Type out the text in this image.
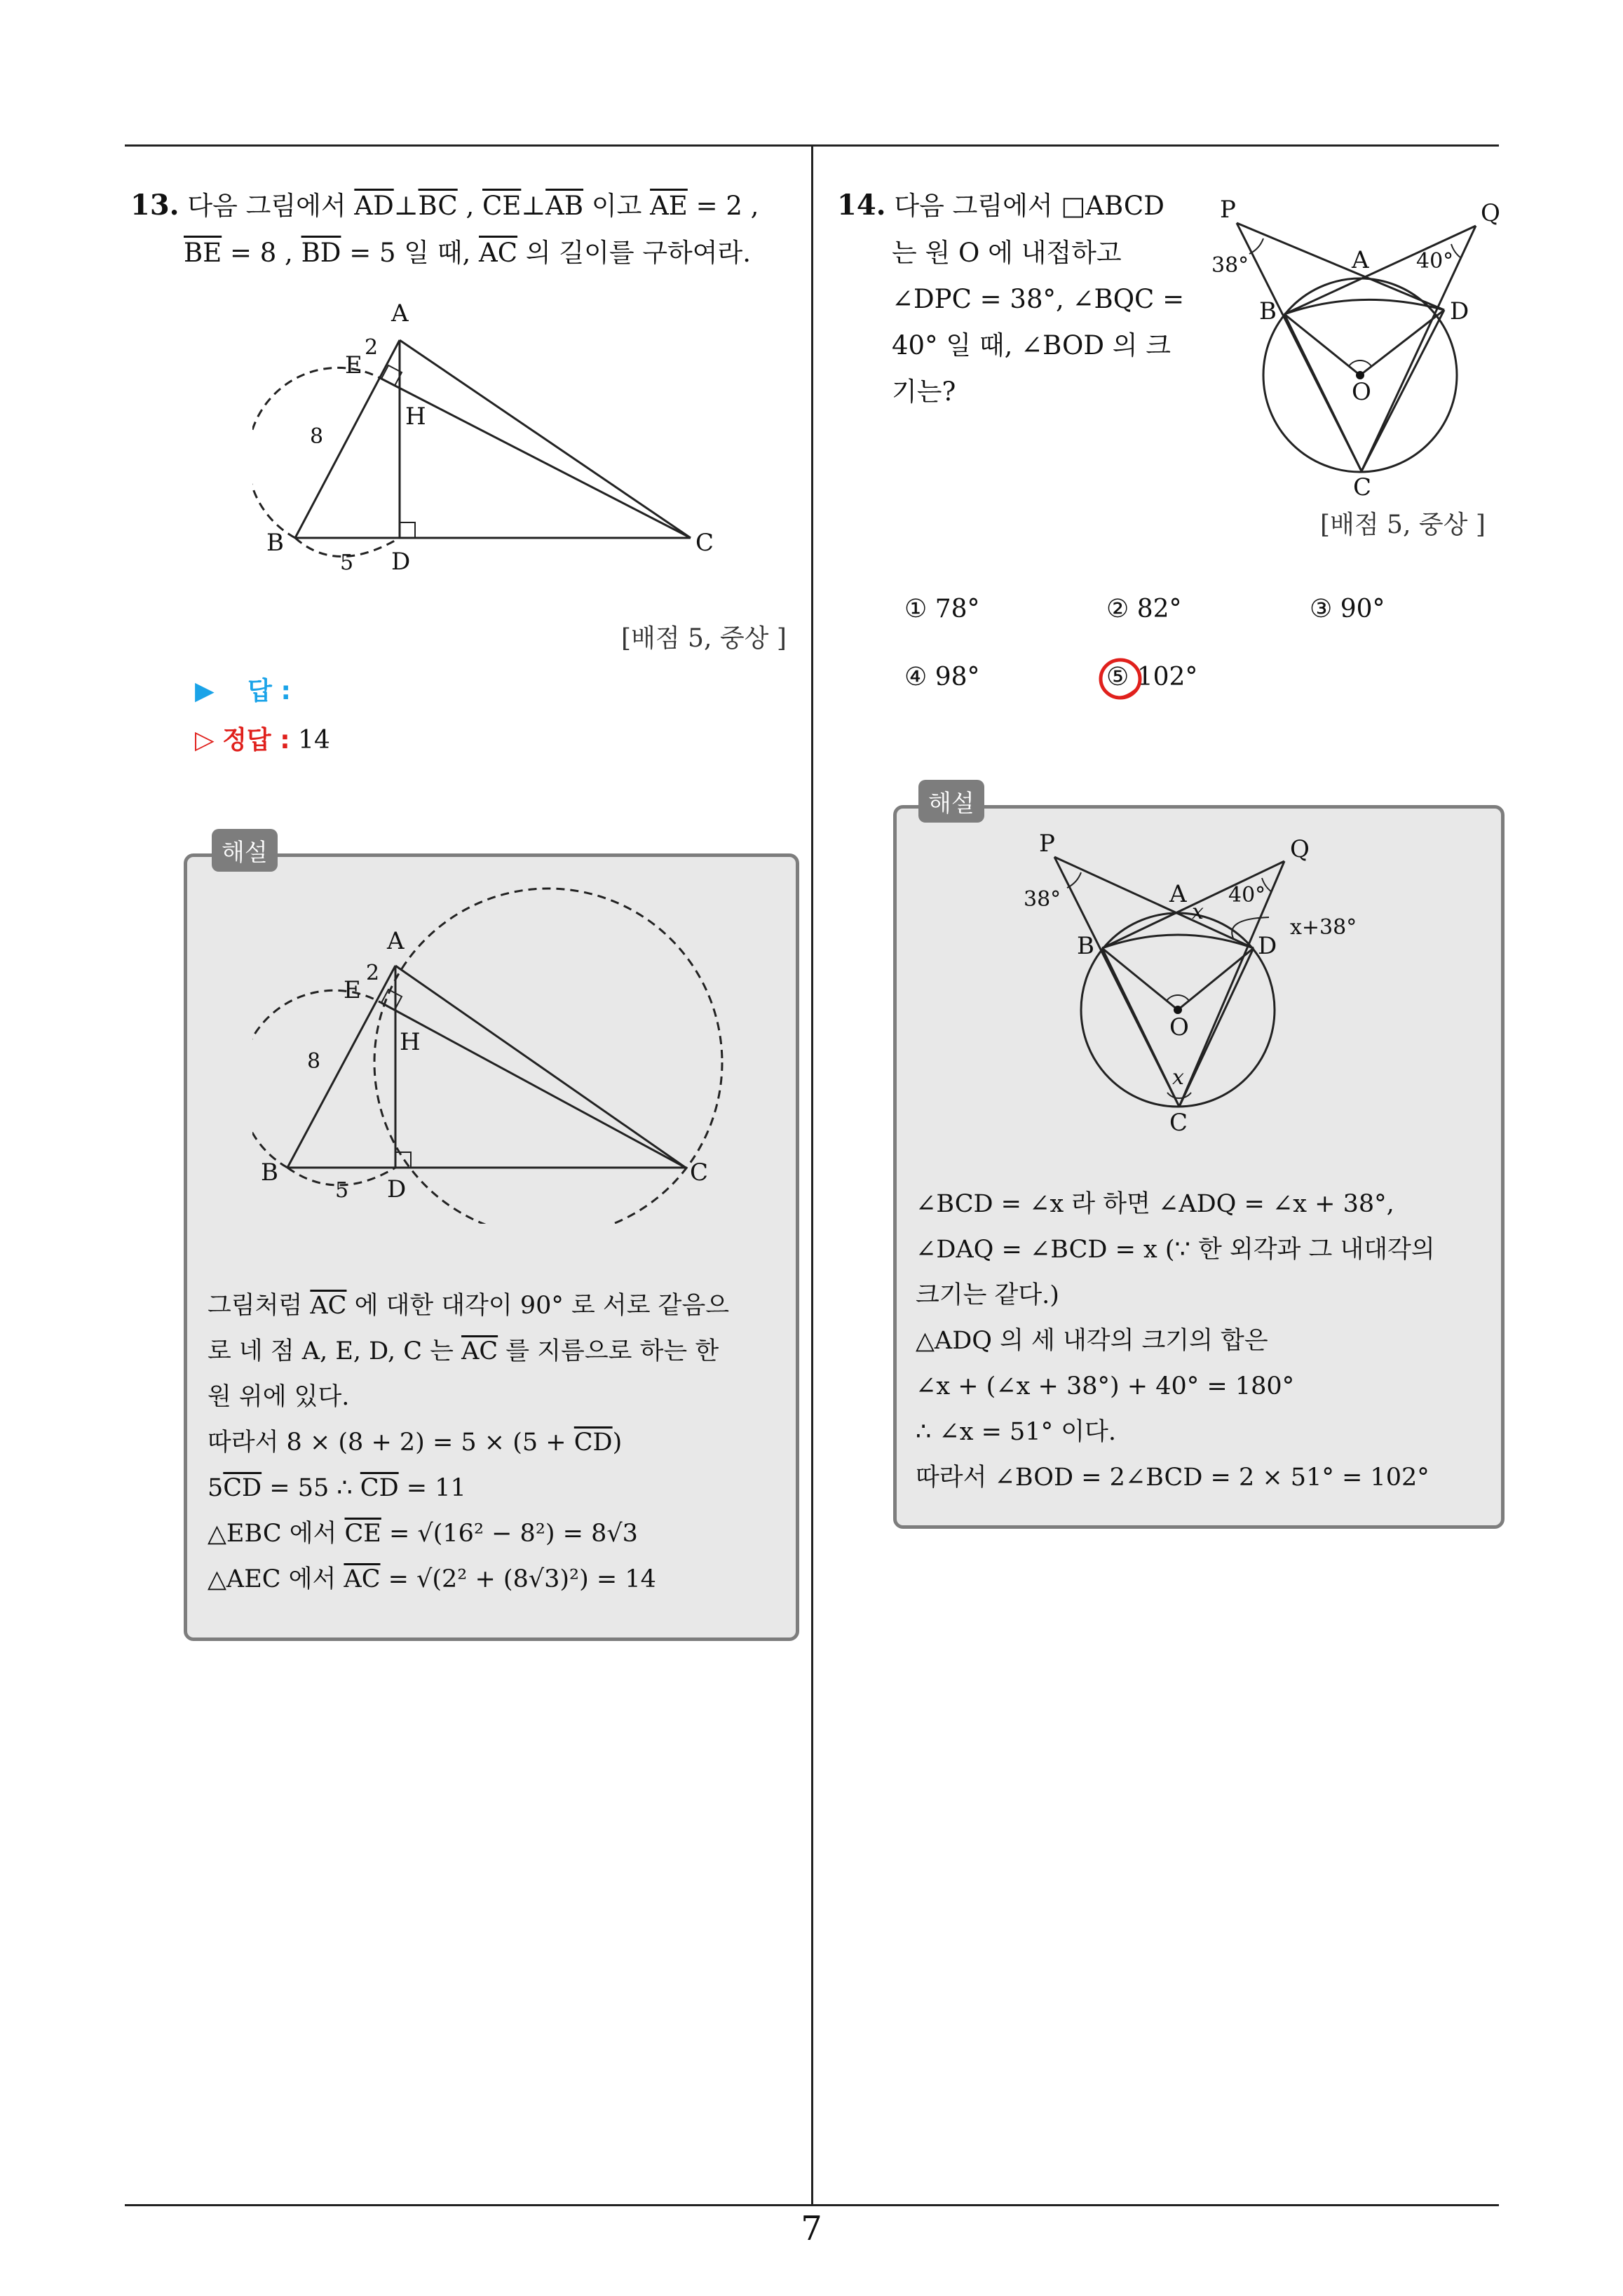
13. 다음 그림에서 $\overline{AD}\perp\overline{BC}$ , $\overline{CE}\perp\overline{AB}$ 이고 $\overline{AE} = 2$ ,
$\overline{BE} = 8$ , $\overline{BD} = 5$ 일 때, $\overline{AC}$ 의 길이를 구하여라.
A
2
E
H
8
B
5 D
C
[배점 5, 중상 ]
▶ 답 :
▷ 정답 : 14
해설
A
2
E
H
8
B
5 D
C
그림처럼 $\overline{AC}$ 에 대한 대각이 90° 로 서로 같음으
로 네 점 A, E, D, C 는 $\overline{AC}$ 를 지름으로 하는 한
원 위에 있다.
따라서 $8 \times (8 + 2) = 5 \times (5 + \overline{CD})$
$5\overline{CD} = 55$ ∴ $\overline{CD} = 11$
△EBC 에서 $\overline{CE} = √(16^2 - 8^2) = 8√3$
△AEC 에서 $\overline{AC} = √(2^2 + (8√3)^2) = 14$
14. 다음 그림에서 □ABCD
는 원 O 에 내접하고
∠DPC = 38°, ∠BQC =
40° 일 때, ∠BOD 의 크
기는?
P	Q
38°	A 40°
B	D
O
C
[배점 5, 중상 ]
① 78°	② 82°	③ 90°
④ 98°	⑤ 102°
해설
P	Q
38°	A
x
40°
x+38°
B	D
O
x
C
∠BCD = ∠x 라 하면 ∠ADQ = ∠x + 38°,
∠DAQ = ∠BCD = x (∵ 한 외각과 그 내대각의
크기는 같다.)
△ADQ 의 세 내각의 크기의 합은
∠x + (∠x + 38°) + 40° = 180°
∴ ∠x = 51° 이다.
따라서 ∠BOD = 2∠BCD = 2 × 51° = 102°
7
